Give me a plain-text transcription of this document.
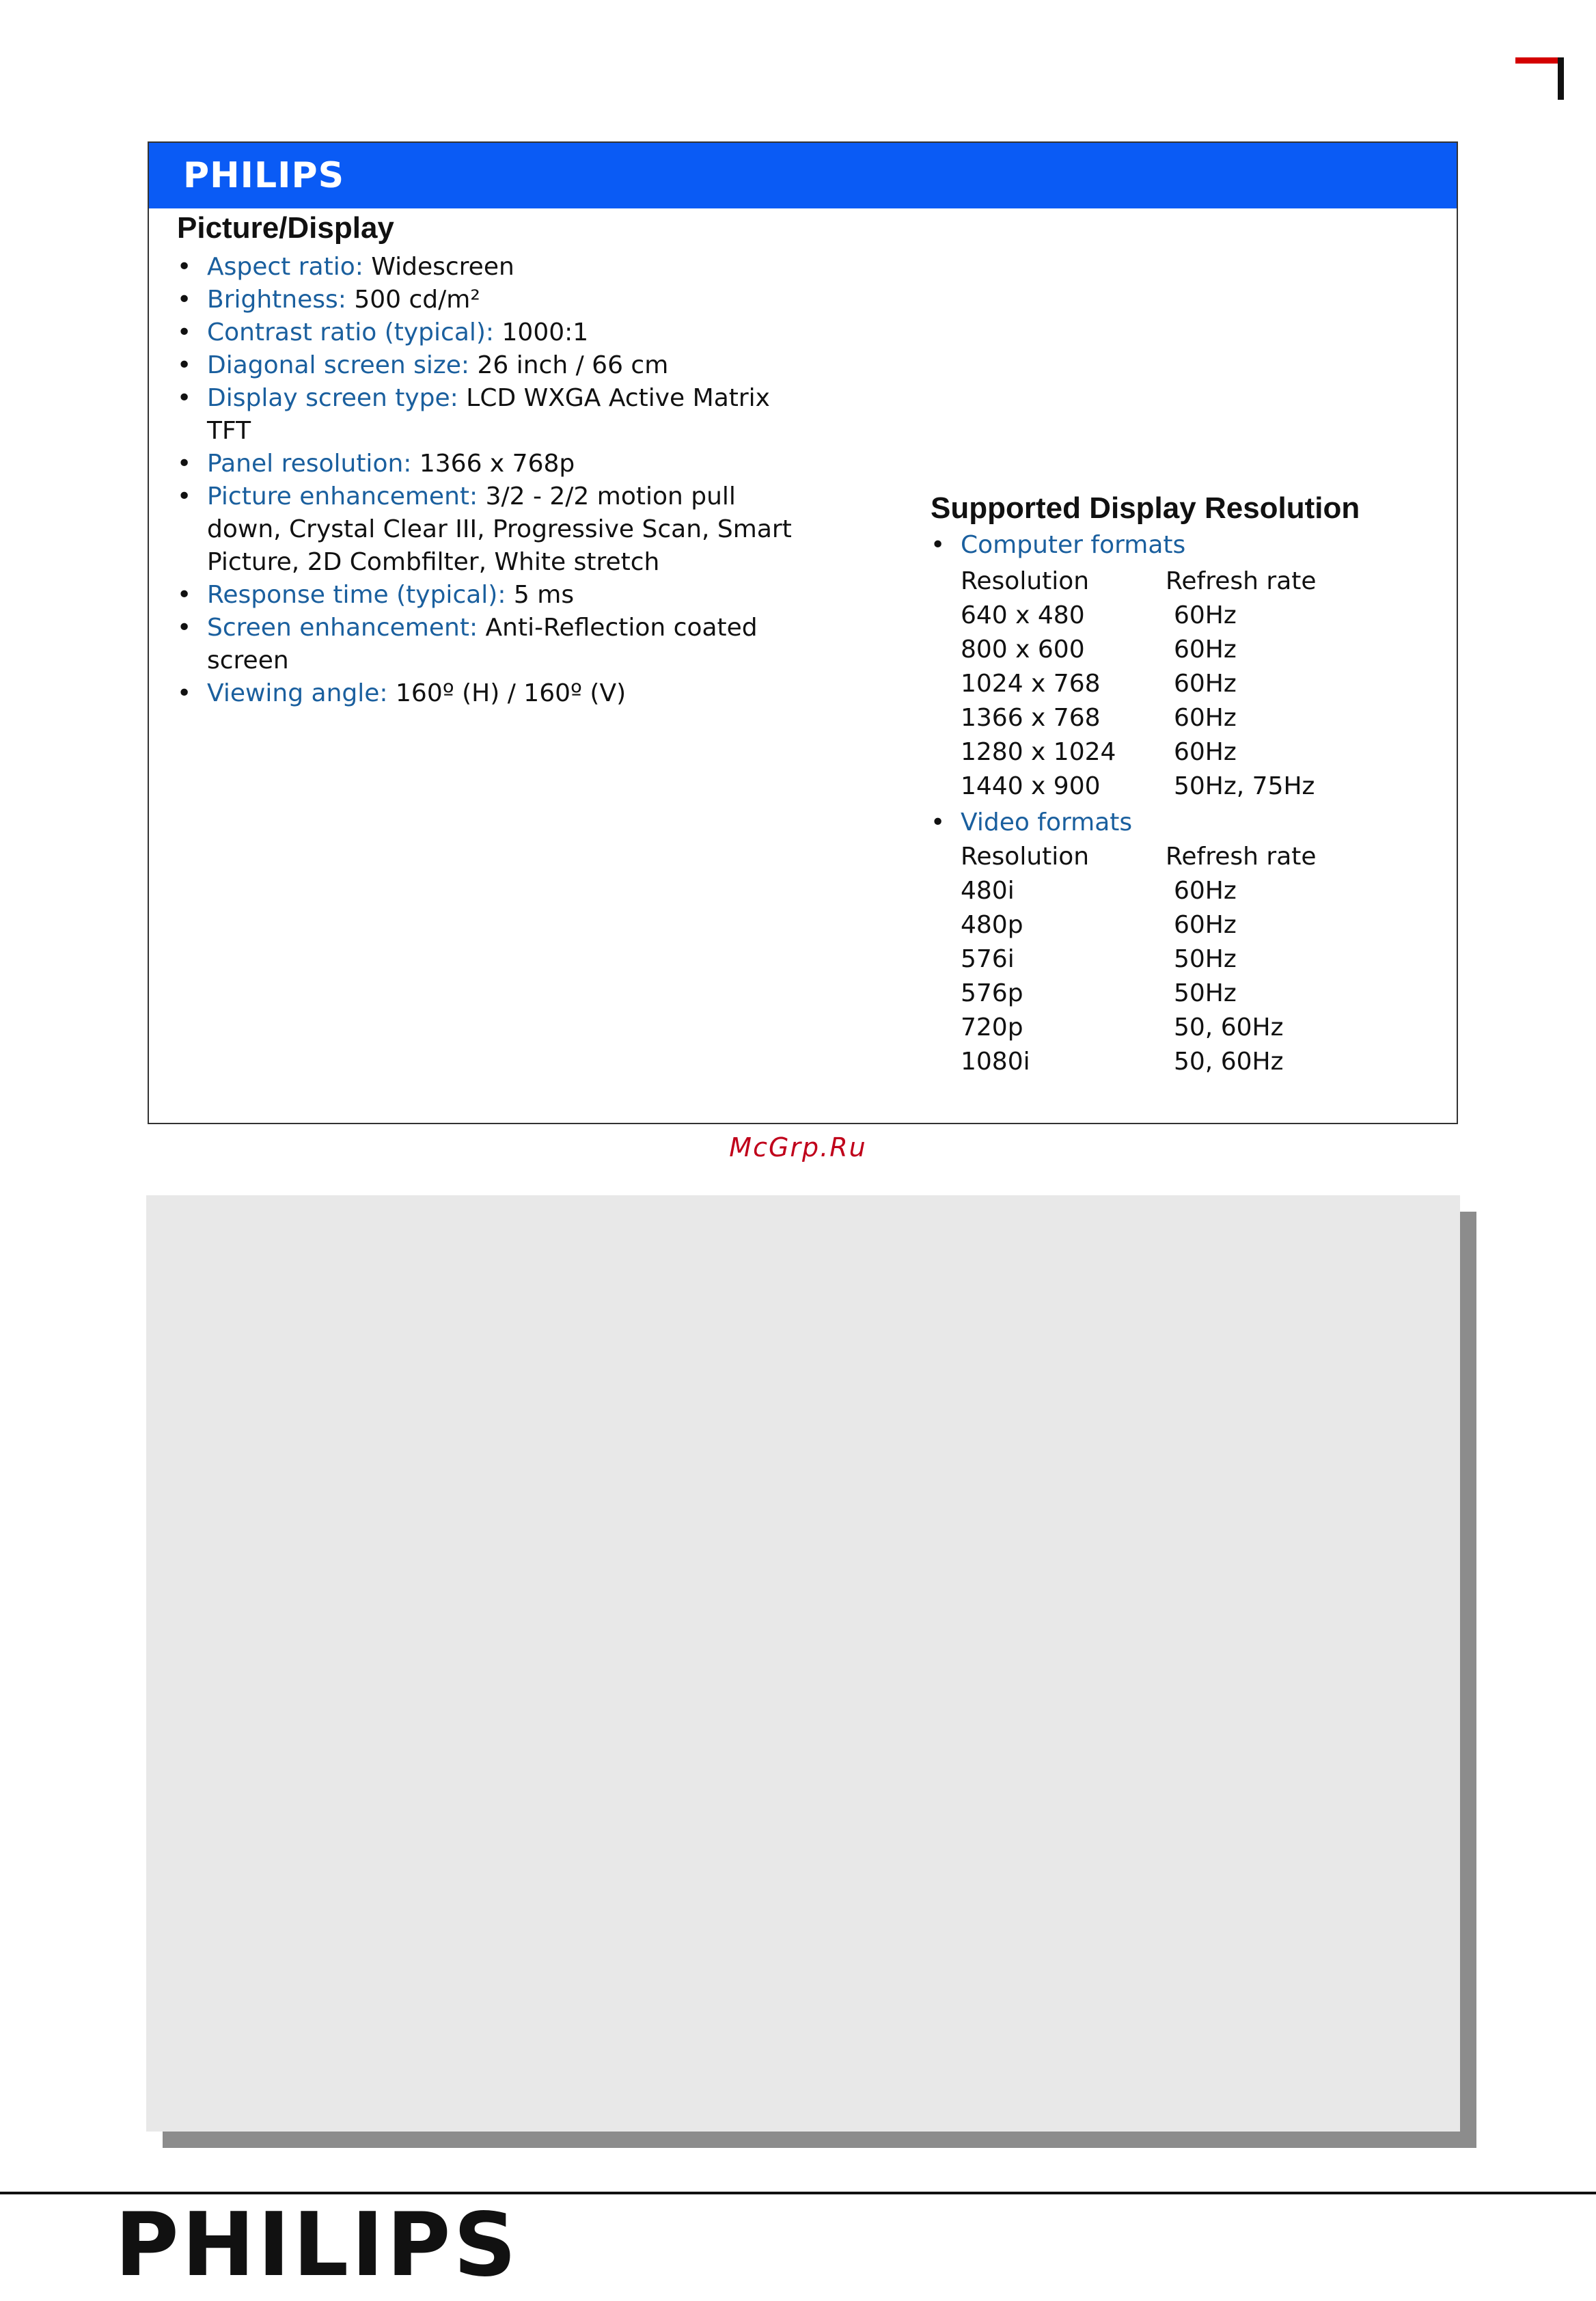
PHILIPS
Picture/Display
• Aspect ratio: Widescreen
• Brightness: 500 cd/m²
• Contrast ratio (typical): 1000:1
• Diagonal screen size: 26 inch / 66 cm
• Display screen type: LCD WXGA Active Matrix TFT
• Panel resolution: 1366 x 768p
• Picture enhancement: 3/2 - 2/2 motion pull down, Crystal Clear III, Progressive Scan, Smart Picture, 2D Combfilter, White stretch
• Response time (typical): 5 ms
• Screen enhancement: Anti-Reflection coated screen
• Viewing angle: 160º (H) / 160º (V)
Supported Display Resolution
• Computer formats
Resolution	Refresh rate
640 x 480	60Hz
800 x 600	60Hz
1024 x 768	60Hz
1366 x 768	60Hz
1280 x 1024	60Hz
1440 x 900	50Hz, 75Hz
• Video formats
Resolution	Refresh rate
480i	60Hz
480p	60Hz
576i	50Hz
576p	50Hz
720p	50, 60Hz
1080i	50, 60Hz
McGrp.Ru
PHILIPS
